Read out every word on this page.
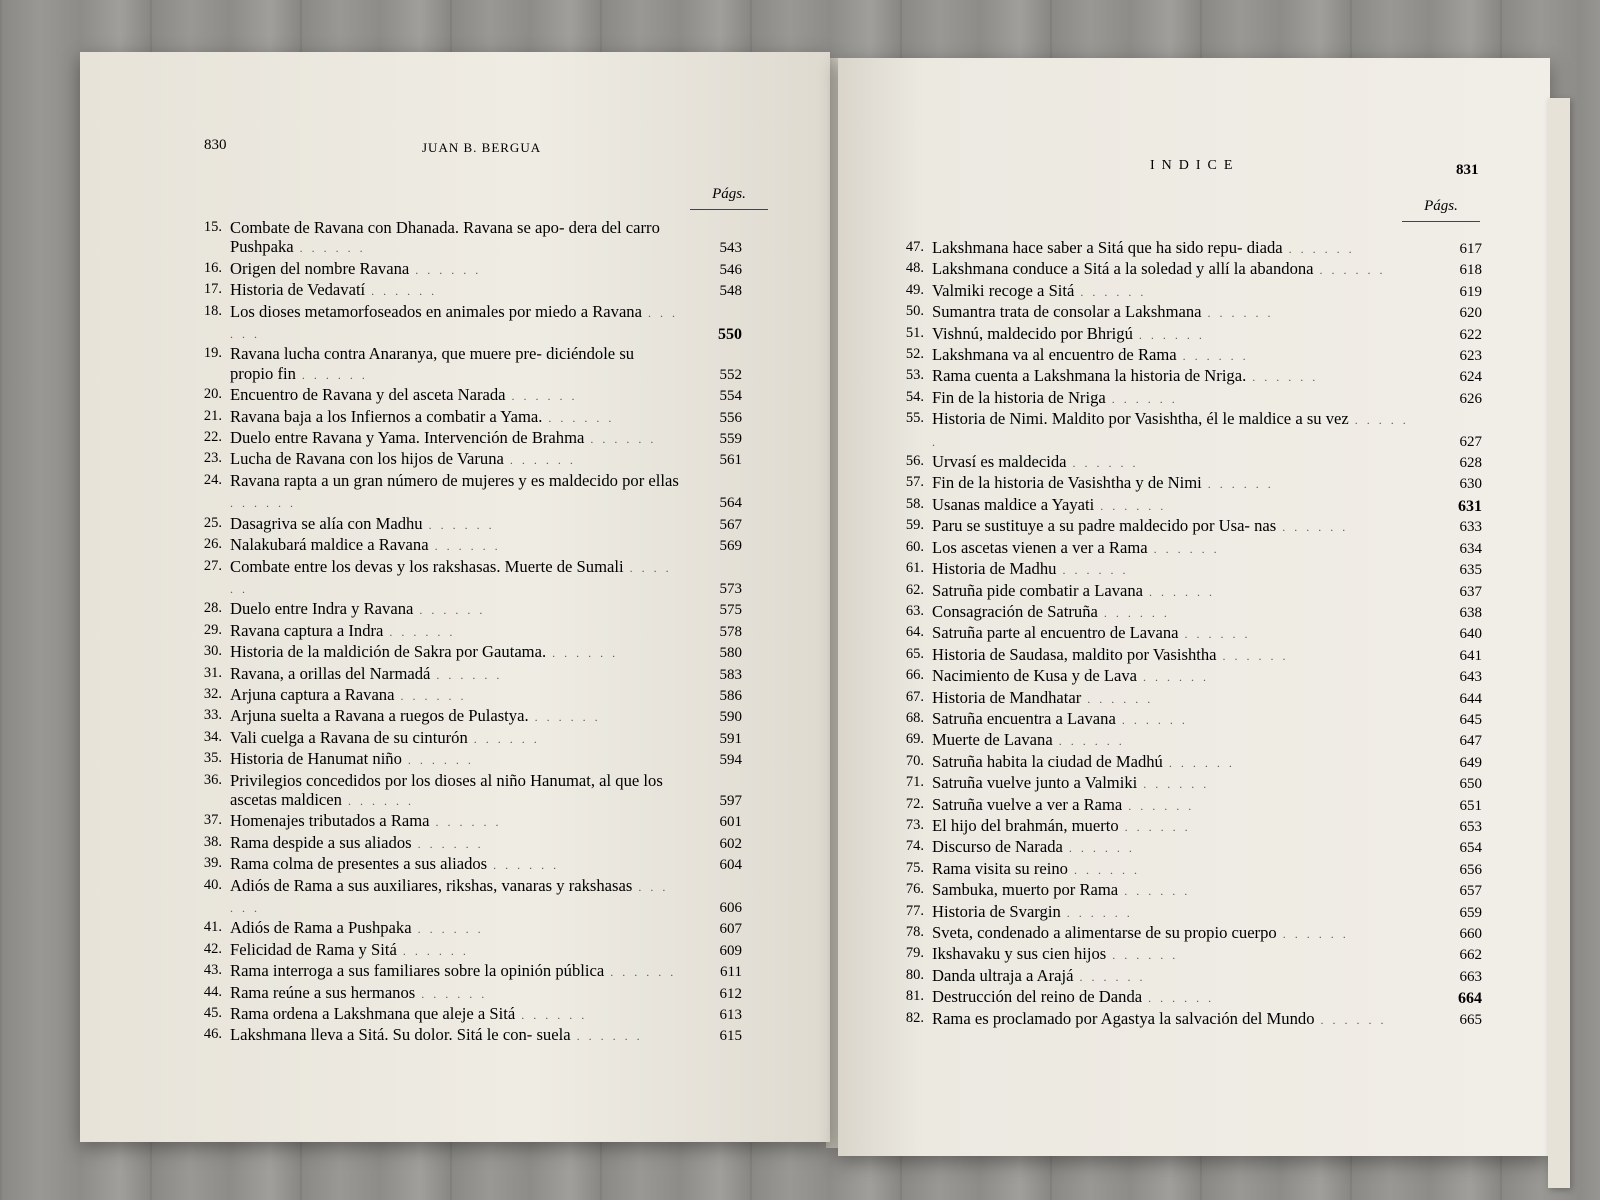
830	JUAN B. BERGUA
Págs.
831
INDICE
Págs.
15. Combate de Ravana con Dhanada. Ravana se apo- dera del carro Pushpaka . . . . . .	543
16. Origen del nombre Ravana . . . . . .	546
17. Historia de Vedavatí . . . . . .	548
18. Los dioses metamorfoseados en animales por miedo a Ravana . . . . . .	550
19. Ravana lucha contra Anaranya, que muere pre- diciéndole su propio fin . . . . . .	552
20. Encuentro de Ravana y del asceta Narada . . . . . .	554
21. Ravana baja a los Infiernos a combatir a Yama. . . . . . .	556
22. Duelo entre Ravana y Yama. Intervención de Brahma . . . . . .	559
23. Lucha de Ravana con los hijos de Varuna . . . . . .	561
24. Ravana rapta a un gran número de mujeres y es maldecido por ellas . . . . . .	564
25. Dasagriva se alía con Madhu . . . . . .	567
26. Nalakubará maldice a Ravana . . . . . .	569
27. Combate entre los devas y los rakshasas. Muerte de Sumali . . . . . .	573
28. Duelo entre Indra y Ravana . . . . . .	575
29. Ravana captura a Indra . . . . . .	578
30. Historia de la maldición de Sakra por Gautama. . . . . . .	580
31. Ravana, a orillas del Narmadá . . . . . .	583
32. Arjuna captura a Ravana . . . . . .	586
33. Arjuna suelta a Ravana a ruegos de Pulastya. . . . . . .	590
34. Vali cuelga a Ravana de su cinturón . . . . . .	591
35. Historia de Hanumat niño . . . . . .	594
36. Privilegios concedidos por los dioses al niño Hanumat, al que los ascetas maldicen . . . . . .	597
37. Homenajes tributados a Rama . . . . . .	601
38. Rama despide a sus aliados . . . . . .	602
39. Rama colma de presentes a sus aliados . . . . . .	604
40. Adiós de Rama a sus auxiliares, rikshas, vanaras y rakshasas . . . . . .	606
41. Adiós de Rama a Pushpaka . . . . . .	607
42. Felicidad de Rama y Sitá . . . . . .	609
43. Rama interroga a sus familiares sobre la opinión pública . . . . . .	611
44. Rama reúne a sus hermanos . . . . . .	612
45. Rama ordena a Lakshmana que aleje a Sitá . . . . . .	613
46. Lakshmana lleva a Sitá. Su dolor. Sitá le con- suela . . . . . .	615
47. Lakshmana hace saber a Sitá que ha sido repu- diada . . . . . .	617
48. Lakshmana conduce a Sitá a la soledad y allí la abandona . . . . . .	618
49. Valmiki recoge a Sitá . . . . . .	619
50. Sumantra trata de consolar a Lakshmana . . . . . .	620
51. Vishnú, maldecido por Bhrigú . . . . . .	622
52. Lakshmana va al encuentro de Rama . . . . . .	623
53. Rama cuenta a Lakshmana la historia de Nriga. . . . . . .	624
54. Fin de la historia de Nriga . . . . . .	626
55. Historia de Nimi. Maldito por Vasishtha, él le maldice a su vez . . . . . .	627
56. Urvasí es maldecida . . . . . .	628
57. Fin de la historia de Vasishtha y de Nimi . . . . . .	630
58. Usanas maldice a Yayati . . . . . .	631
59. Paru se sustituye a su padre maldecido por Usa- nas . . . . . .	633
60. Los ascetas vienen a ver a Rama . . . . . .	634
61. Historia de Madhu . . . . . .	635
62. Satruña pide combatir a Lavana . . . . . .	637
63. Consagración de Satruña . . . . . .	638
64. Satruña parte al encuentro de Lavana . . . . . .	640
65. Historia de Saudasa, maldito por Vasishtha . . . . . .	641
66. Nacimiento de Kusa y de Lava . . . . . .	643
67. Historia de Mandhatar . . . . . .	644
68. Satruña encuentra a Lavana . . . . . .	645
69. Muerte de Lavana . . . . . .	647
70. Satruña habita la ciudad de Madhú . . . . . .	649
71. Satruña vuelve junto a Valmiki . . . . . .	650
72. Satruña vuelve a ver a Rama . . . . . .	651
73. El hijo del brahmán, muerto . . . . . .	653
74. Discurso de Narada . . . . . .	654
75. Rama visita su reino . . . . . .	656
76. Sambuka, muerto por Rama . . . . . .	657
77. Historia de Svargin . . . . . .	659
78. Sveta, condenado a alimentarse de su propio cuerpo . . . . . .	660
79. Ikshavaku y sus cien hijos . . . . . .	662
80. Danda ultraja a Arajá . . . . . .	663
81. Destrucción del reino de Danda . . . . . .	664
82. Rama es proclamado por Agastya la salvación del Mundo . . . . . .	665
